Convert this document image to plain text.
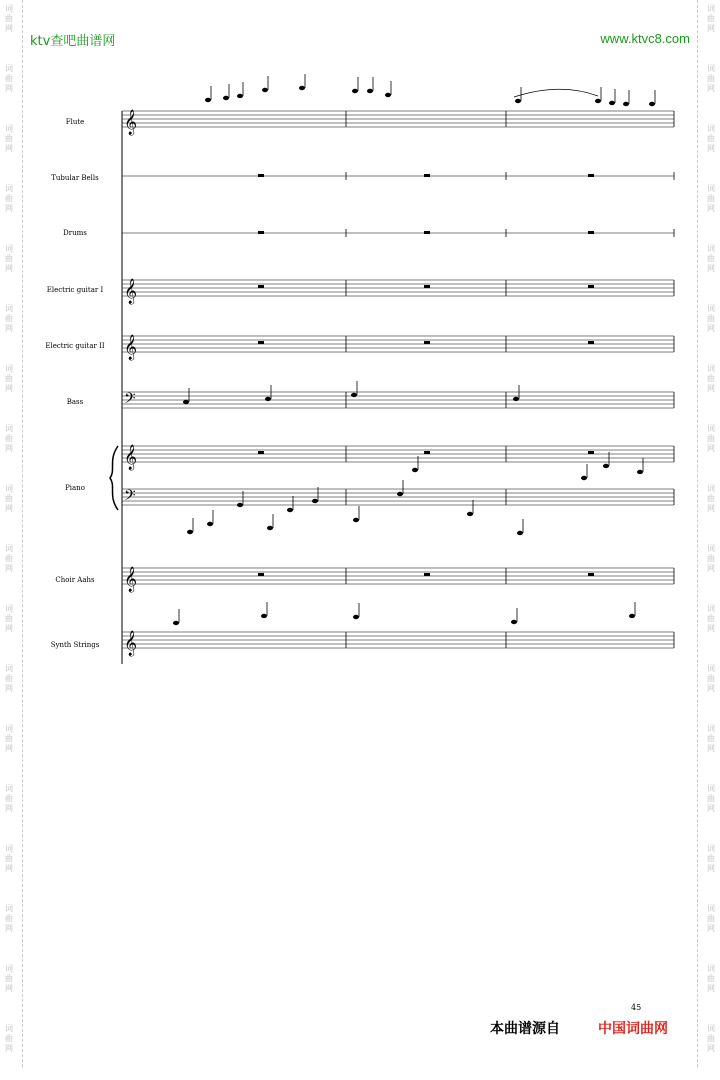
词
曲
网
词
曲
网
词
曲
网
词
曲
网
词
曲
网
词
曲
网
词
曲
网
词
曲
网
词
曲
网
词
曲
网
词
曲
网
词
曲
网
词
曲
网
词
曲
网
词
曲
网
词
曲
网
词
曲
网
词
曲
网
词
曲
网
词
曲
网
词
曲
网
词
曲
网
词
曲
网
词
曲
网
词
曲
网
词
曲
网
词
曲
网
词
曲
网
词
曲
网
词
曲
网
词
曲
网
词
曲
网
词
曲
网
词
曲
网
词
曲
网
词
曲
网
ktv查吧曲谱网	www.ktvc8.com
Flute
Tubular Bells
Drums
Electric guitar I
Electric guitar II
Bass
Piano
Choir Aahs
Synth Strings
𝄞
𝄞
𝄞
𝄞
𝄞
𝄞
𝄢
𝄢
45
本曲谱源自	中国词曲网
